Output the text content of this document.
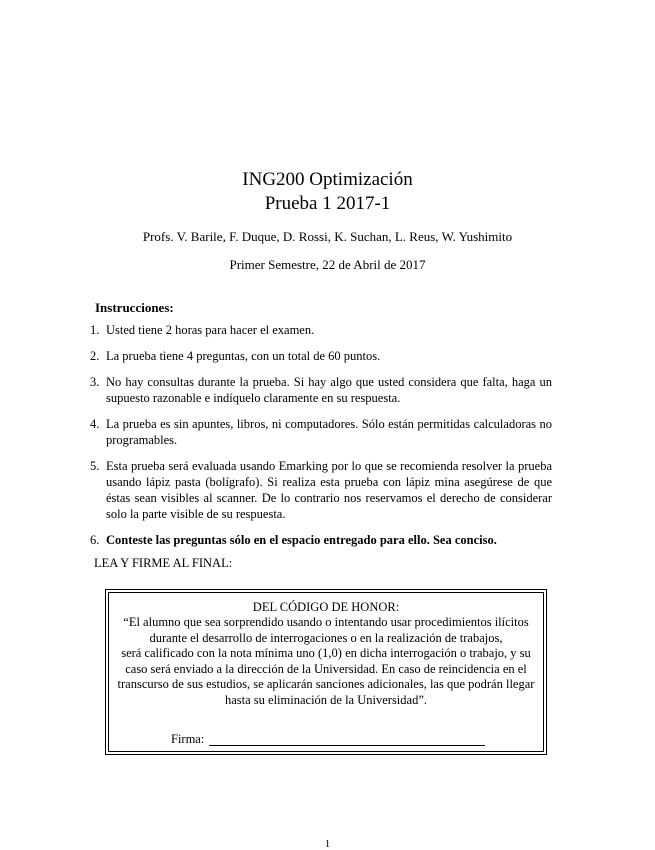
ING200 Optimización
Prueba 1 2017-1
Profs. V. Barile, F. Duque, D. Rossi, K. Suchan, L. Reus, W. Yushimito
Primer Semestre, 22 de Abril de 2017
Instrucciones:
1. Usted tiene 2 horas para hacer el examen.
2. La prueba tiene 4 preguntas, con un total de 60 puntos.
3. No hay consultas durante la prueba. Si hay algo que usted considera que falta, haga un supuesto razonable e indíquelo claramente en su respuesta.
4. La prueba es sin apuntes, libros, ni computadores. Sólo están permitidas calculadoras no programables.
5. Esta prueba será evaluada usando Emarking por lo que se recomienda resolver la prueba usando lápiz pasta (bolígrafo). Si realiza esta prueba con lápiz mina asegúrese de que éstas sean visibles al scanner. De lo contrario nos reservamos el derecho de considerar solo la parte visible de su respuesta.
6. Conteste las preguntas sólo en el espacio entregado para ello. Sea conciso.
LEA Y FIRME AL FINAL:
DEL CÓDIGO DE HONOR:
“El alumno que sea sorprendido usando o intentando usar procedimientos ilícitos
durante el desarrollo de interrogaciones o en la realización de trabajos,
será calificado con la nota mínima uno (1,0) en dicha interrogación o trabajo, y su
caso será enviado a la dirección de la Universidad. En caso de reincidencia en el
transcurso de sus estudios, se aplicarán sanciones adicionales, las que podrán llegar
hasta su eliminación de la Universidad”.
Firma:
1
